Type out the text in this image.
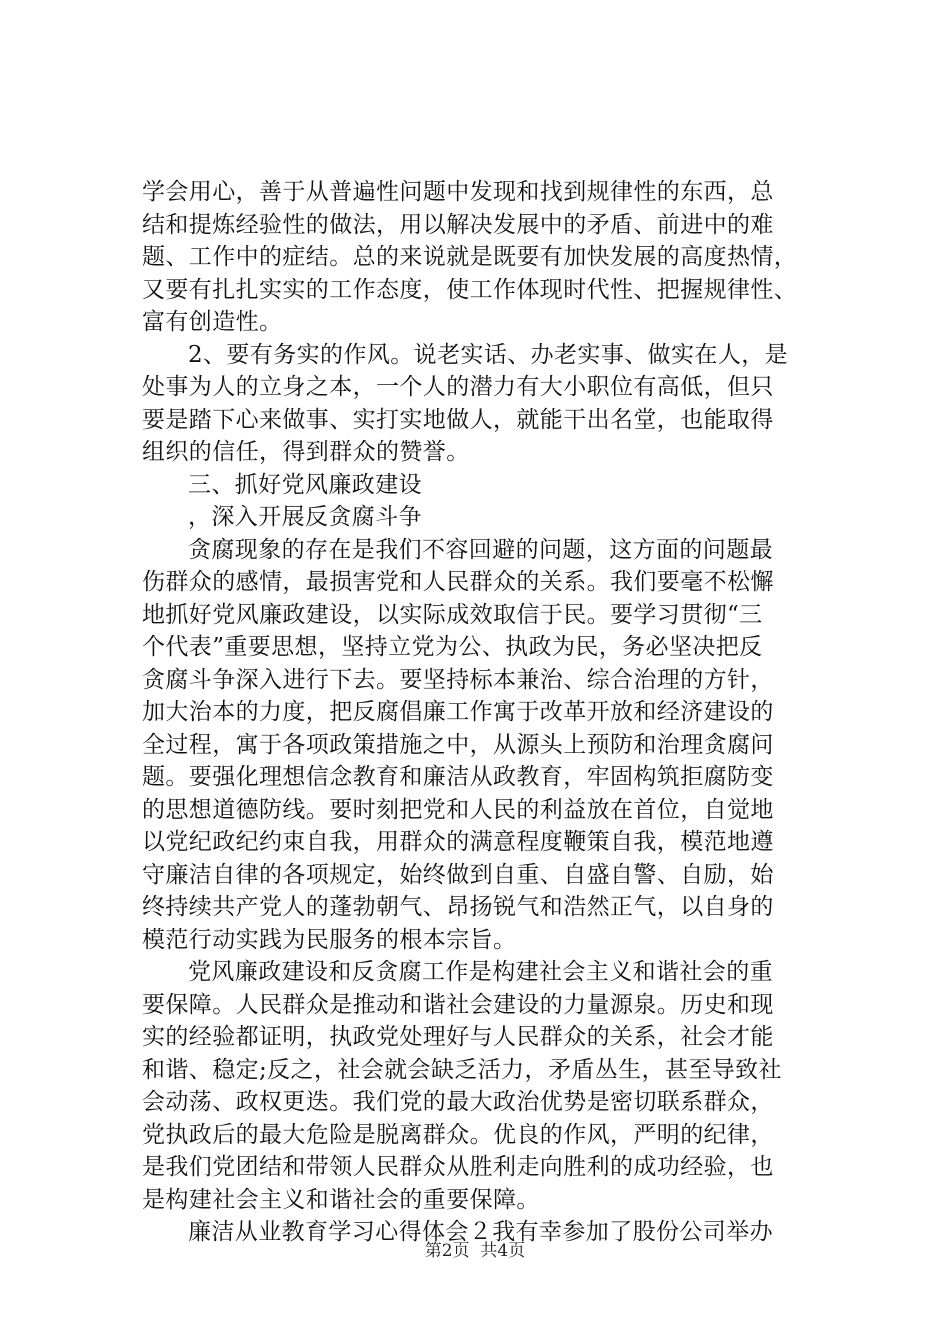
学会用心，善于从普遍性问题中发现和找到规律性的东西，总
结和提炼经验性的做法，用以解决发展中的矛盾、前进中的难
题、工作中的症结。总的来说就是既要有加快发展的高度热情，
又要有扎扎实实的工作态度，使工作体现时代性、把握规律性、
富有创造性。
2、要有务实的作风。说老实话、办老实事、做实在人，是
处事为人的立身之本，一个人的潜力有大小职位有高低，但只
要是踏下心来做事、实打实地做人，就能干出名堂，也能取得
组织的信任，得到群众的赞誉。
三、抓好党风廉政建设
，深入开展反贪腐斗争
贪腐现象的存在是我们不容回避的问题，这方面的问题最
伤群众的感情，最损害党和人民群众的关系。我们要毫不松懈
地抓好党风廉政建设，以实际成效取信于民。要学习贯彻“三
个代表”重要思想，坚持立党为公、执政为民，务必坚决把反
贪腐斗争深入进行下去。要坚持标本兼治、综合治理的方针，
加大治本的力度，把反腐倡廉工作寓于改革开放和经济建设的
全过程，寓于各项政策措施之中，从源头上预防和治理贪腐问
题。要强化理想信念教育和廉洁从政教育，牢固构筑拒腐防变
的思想道德防线。要时刻把党和人民的利益放在首位，自觉地
以党纪政纪约束自我，用群众的满意程度鞭策自我，模范地遵
守廉洁自律的各项规定，始终做到自重、自盛自警、自励，始
终持续共产党人的蓬勃朝气、昂扬锐气和浩然正气，以自身的
模范行动实践为民服务的根本宗旨。
党风廉政建设和反贪腐工作是构建社会主义和谐社会的重
要保障。人民群众是推动和谐社会建设的力量源泉。历史和现
实的经验都证明，执政党处理好与人民群众的关系，社会才能
和谐、稳定;反之，社会就会缺乏活力，矛盾丛生，甚至导致社
会动荡、政权更迭。我们党的最大政治优势是密切联系群众，
党执政后的最大危险是脱离群众。优良的作风，严明的纪律，
是我们党团结和带领人民群众从胜利走向胜利的成功经验，也
是构建社会主义和谐社会的重要保障。
廉洁从业教育学习心得体会２我有幸参加了股份公司举办
第2页  共4页
